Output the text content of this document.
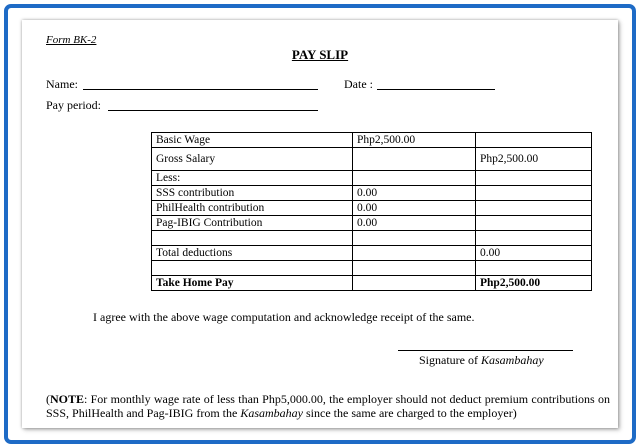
Form BK-2
PAY SLIP
Name:	Date :
Pay period:
Basic Wage	Php2,500.00	
Gross Salary		Php2,500.00
Less:		
SSS contribution	0.00	
PhilHealth contribution	0.00	
Pag-IBIG Contribution	0.00	

Total deductions		0.00

Take Home Pay		Php2,500.00
I agree with the above wage computation and acknowledge receipt of the same.
Signature of Kasambahay
(NOTE: For monthly wage rate of less than Php5,000.00, the employer should not deduct premium contributions on SSS, PhilHealth and Pag-IBIG from the Kasambahay since the same are charged to the employer)
